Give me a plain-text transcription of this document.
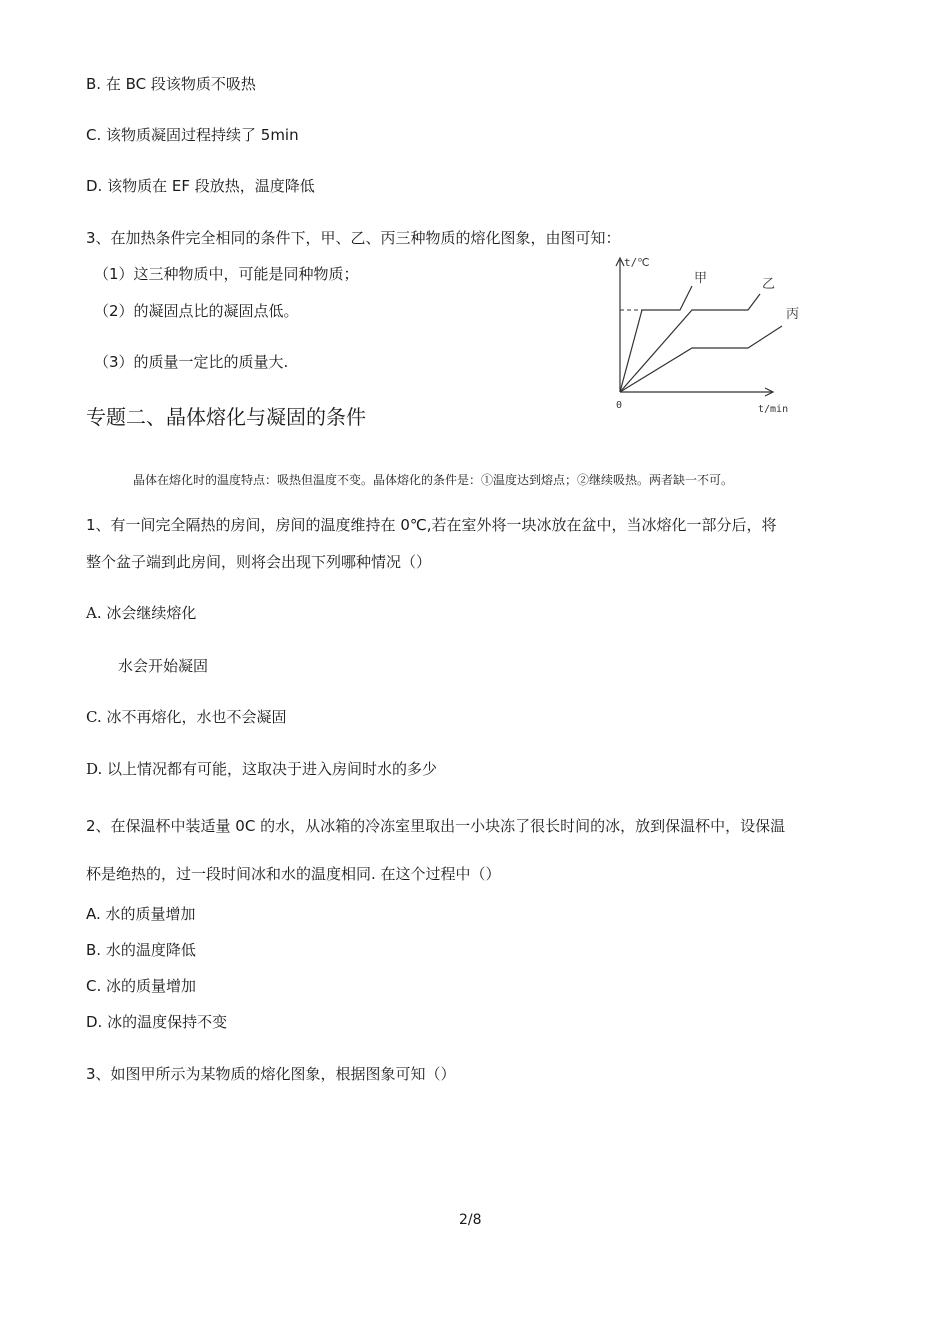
B. 在 BC 段该物质不吸热
C. 该物质凝固过程持续了 5min
D. 该物质在 EF 段放热，温度降低
3、在加热条件完全相同的条件下，甲、乙、丙三种物质的熔化图象，由图可知：
（1）这三种物质中，可能是同种物质；
（2）的凝固点比的凝固点低。
（3）的质量一定比的质量大.
t/℃
t/min
0
甲	乙
丙
专题二、晶体熔化与凝固的条件
晶体在熔化时的温度特点：吸热但温度不变。晶体熔化的条件是：①温度达到熔点；②继续吸热。两者缺一不可。
1、有一间完全隔热的房间，房间的温度维持在 0℃,若在室外将一块冰放在盆中，当冰熔化一部分后，将
整个盆子端到此房间，则将会出现下列哪种情况（）
A. 冰会继续熔化
水会开始凝固
C. 冰不再熔化，水也不会凝固
D. 以上情况都有可能，这取决于进入房间时水的多少
2、在保温杯中装适量 0C 的水，从冰箱的冷冻室里取出一小块冻了很长时间的冰，放到保温杯中，设保温
杯是绝热的，过一段时间冰和水的温度相同. 在这个过程中（）
A. 水的质量增加
B. 水的温度降低
C. 冰的质量增加
D. 冰的温度保持不变
3、如图甲所示为某物质的熔化图象，根据图象可知（）
2/8
